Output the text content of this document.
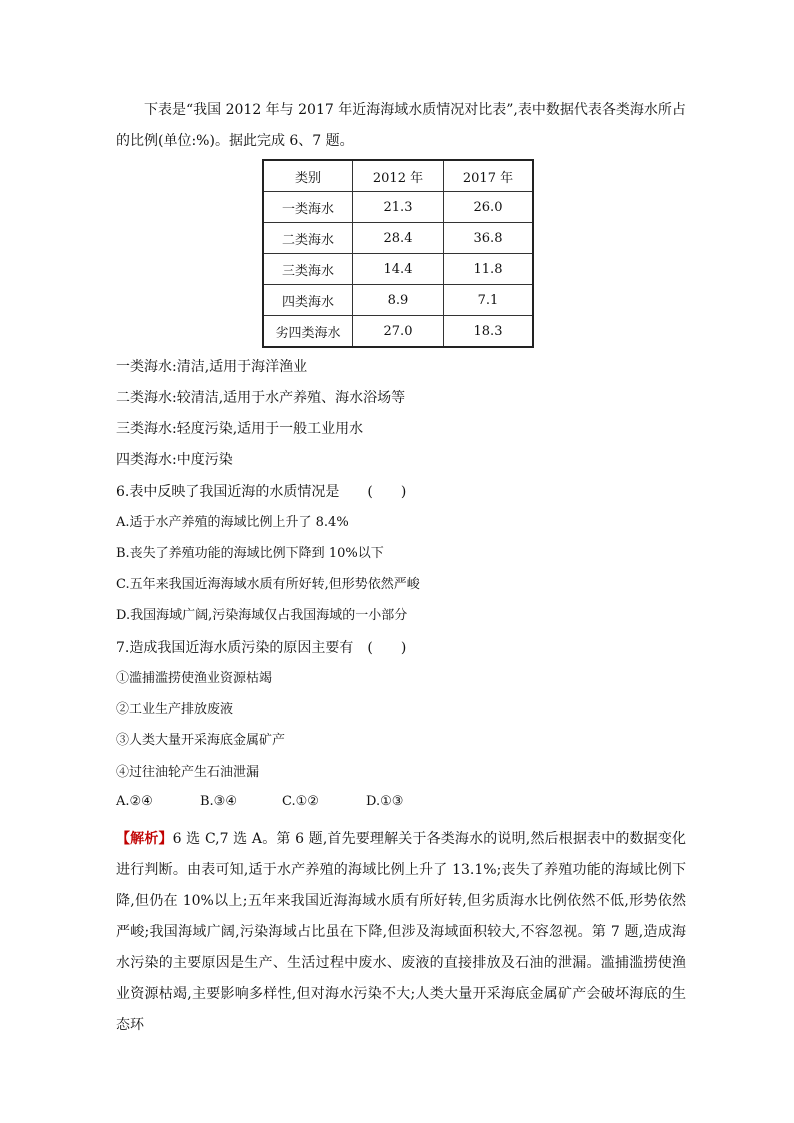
下表是“我国 2012 年与 2017 年近海海域水质情况对比表”,表中数据代表各类海水所占
的比例(单位:%)。据此完成 6、7 题。
类别	2012 年	2017 年
一类海水	21.3	26.0
二类海水	28.4	36.8
三类海水	14.4	11.8
四类海水	8.9	7.1
劣四类海水	27.0	18.3
一类海水:清洁,适用于海洋渔业
二类海水:较清洁,适用于水产养殖、海水浴场等
三类海水:轻度污染,适用于一般工业用水
四类海水:中度污染
6.表中反映了我国近海的水质情况是　　(　　)
A.适于水产养殖的海域比例上升了 8.4%
B.丧失了养殖功能的海域比例下降到 10%以下
C.五年来我国近海海域水质有所好转,但形势依然严峻
D.我国海域广阔,污染海域仅占我国海域的一小部分
7.造成我国近海水质污染的原因主要有　(　　)
①滥捕滥捞使渔业资源枯竭
②工业生产排放废液
③人类大量开采海底金属矿产
④过往油轮产生石油泄漏
A.②④	B.③④	C.①②	D.①③
【解析】6 选 C,7 选 A。第 6 题,首先要理解关于各类海水的说明,然后根据表中的数据变化进行判断。由表可知,适于水产养殖的海域比例上升了 13.1%;丧失了养殖功能的海域比例下降,但仍在 10%以上;五年来我国近海海域水质有所好转,但劣质海水比例依然不低,形势依然严峻;我国海域广阔,污染海域占比虽在下降,但涉及海域面积较大,不容忽视。第 7 题,造成海水污染的主要原因是生产、生活过程中废水、废液的直接排放及石油的泄漏。滥捕滥捞使渔业资源枯竭,主要影响多样性,但对海水污染不大;人类大量开采海底金属矿产会破坏海底的生态环
